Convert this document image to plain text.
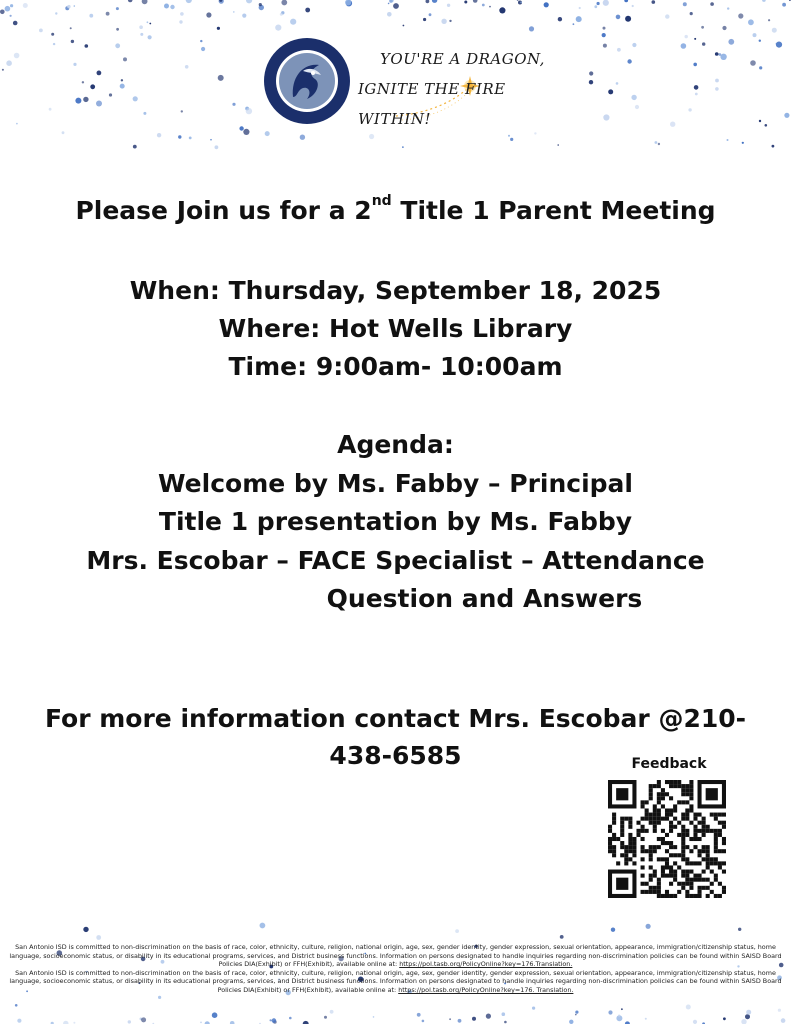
YOU'RE A DRAGON,
IGNITE THE FIRE WITHIN!
Please Join us for a 2nd Title 1 Parent Meeting
When: Thursday, September 18, 2025
Where: Hot Wells Library
Time: 9:00am- 10:00am
Agenda:
Welcome by Ms. Fabby – Principal
Title 1 presentation by Ms. Fabby
Mrs. Escobar – FACE Specialist – Attendance
Question and Answers
For more information contact Mrs. Escobar @210-
438-6585	Feedback
San Antonio ISD is committed to non-discrimination on the basis of race, color, ethnicity, culture, religion, national origin, age, sex, gender identity, gender expression, sexual orientation, appearance, immigration/citizenship status, home language, socioeconomic status, or disability in its educational programs, services, and District business functions. Information on persons designated to handle inquiries regarding non-discrimination policies can be found within SAISD Board Policies DIA(Exhibit) or FFH(Exhibit), available online at: https://pol.tasb.org/PolicyOnline?key=176.Translation.
San Antonio ISD is committed to non-discrimination on the basis of race, color, ethnicity, culture, religion, national origin, age, sex, gender identity, gender expression, sexual orientation, appearance, immigration/citizenship status, home language, socioeconomic status, or disability in its educational programs, services, and District business functions. Information on persons designated to handle inquiries regarding non-discrimination policies can be found within SAISD Board Policies DIA(Exhibit) or FFH(Exhibit), available online at: https://pol.tasb.org/PolicyOnline?key=176. Translation.
